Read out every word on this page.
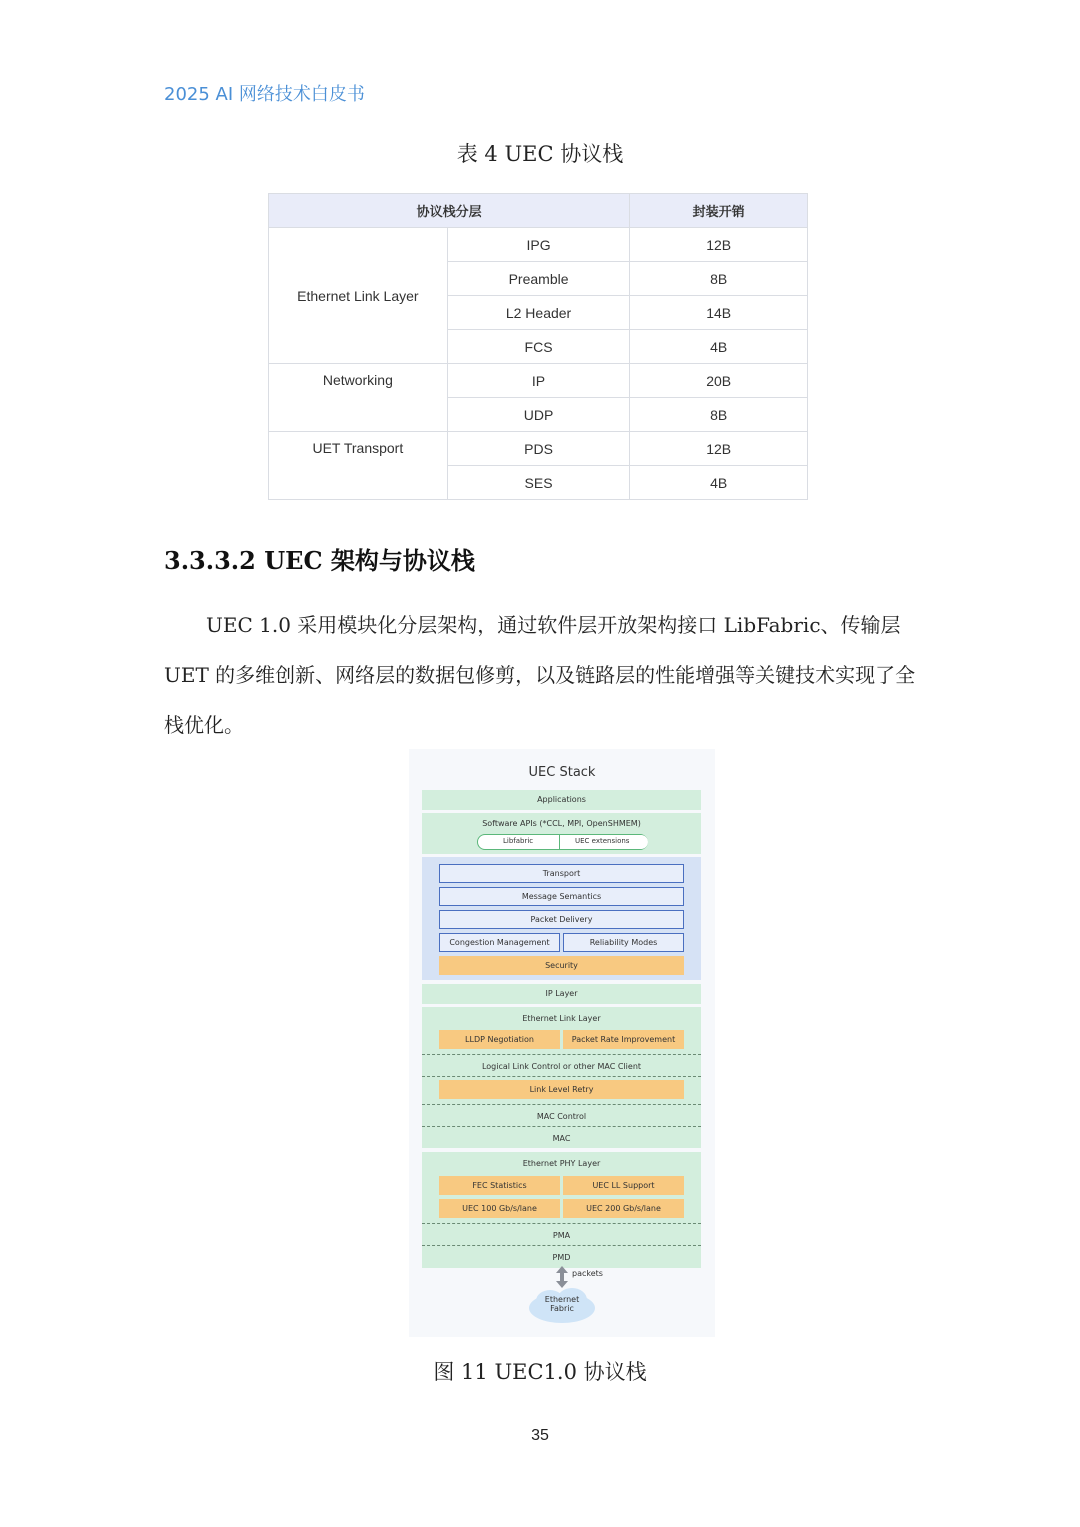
2025 AI 网络技术白皮书
表 4 UEC 协议栈
协议栈分层		封装开销
Ethernet Link Layer	IPG	12B
	Preamble	8B
	L2 Header	14B
	FCS	4B
Networking	IP	20B
	UDP	8B
UET Transport	PDS	12B
	SES	4B
3.3.3.2 UEC 架构与协议栈
UEC 1.0 采用模块化分层架构，通过软件层开放架构接口 LibFabric、传输层 UET 的多维创新、网络层的数据包修剪，以及链路层的性能增强等关键技术实现了全栈优化。
UEC Stack
Applications
Software APIs (*CCL, MPI, OpenSHMEM)
Libfabric	UEC extensions
Transport
Message Semantics
Packet Delivery
Congestion Management	Reliability Modes
Security
IP Layer
Ethernet Link Layer
LLDP Negotiation	Packet Rate Improvement
Logical Link Control or other MAC Client
Link Level Retry
MAC Control
MAC
Ethernet PHY Layer
FEC Statistics	UEC LL Support
UEC 100 Gb/s/lane	UEC 200 Gb/s/lane
PMA
PMD
packets
Ethernet
Fabric
图 11 UEC1.0 协议栈
35
